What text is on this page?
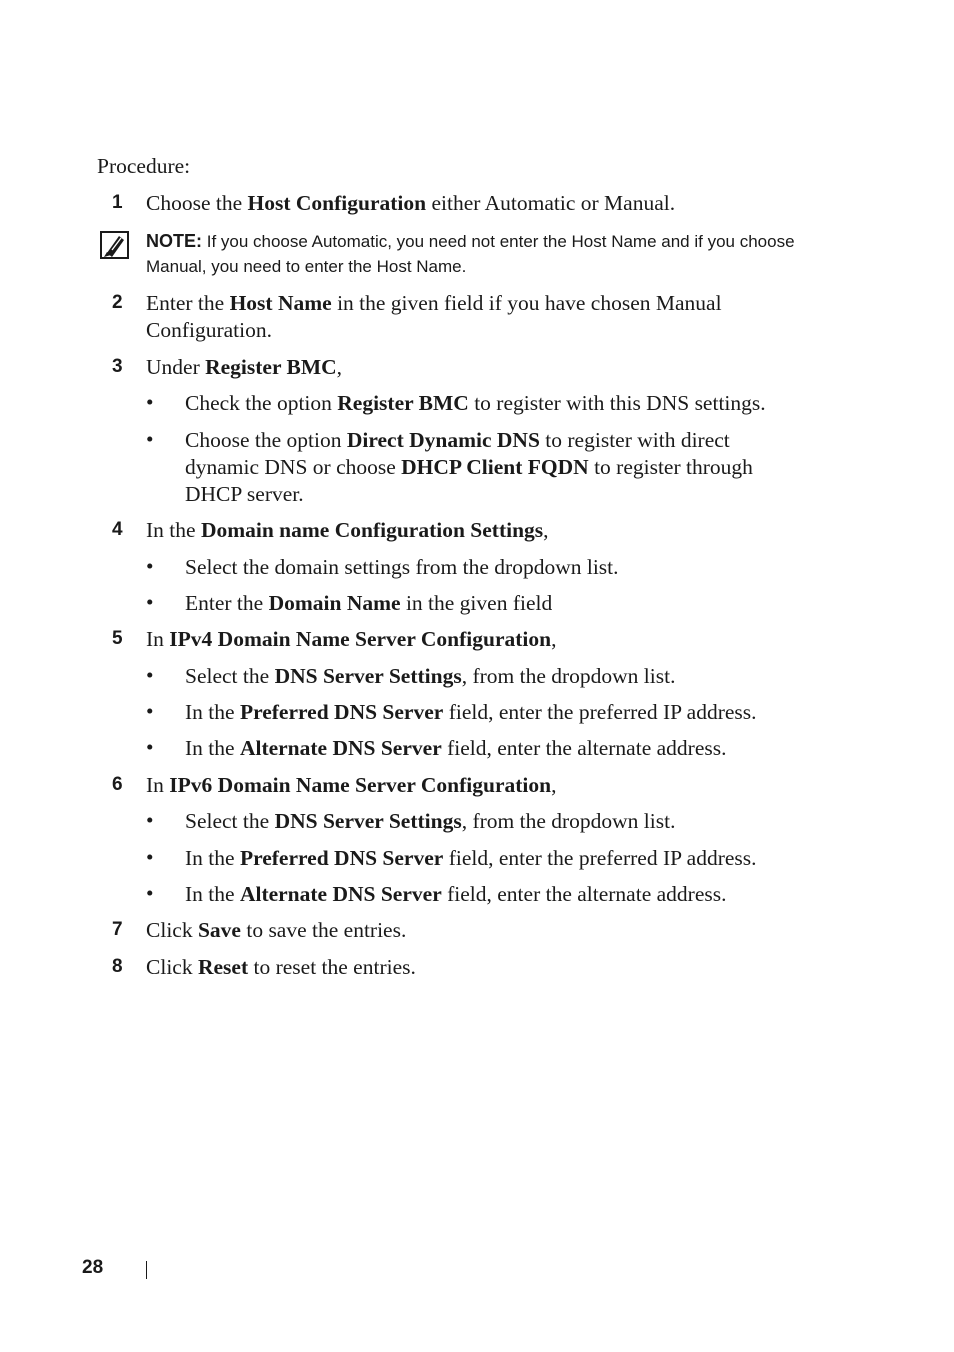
Procedure:
1	Choose the Host Configuration either Automatic or Manual.
NOTE: If you choose Automatic, you need not enter the Host Name and if you choose Manual, you need to enter the Host Name.
2	Enter the Host Name in the given field if you have chosen Manual Configuration.
3	Under Register BMC,
• Check the option Register BMC to register with this DNS settings.
• Choose the option Direct Dynamic DNS to register with direct dynamic DNS or choose DHCP Client FQDN to register through DHCP server.
4	In the Domain name Configuration Settings,
• Select the domain settings from the dropdown list.
• Enter the Domain Name in the given field
5	In IPv4 Domain Name Server Configuration,
• Select the DNS Server Settings, from the dropdown list.
• In the Preferred DNS Server field, enter the preferred IP address.
• In the Alternate DNS Server field, enter the alternate address.
6	In IPv6 Domain Name Server Configuration,
• Select the DNS Server Settings, from the dropdown list.
• In the Preferred DNS Server field, enter the preferred IP address.
• In the Alternate DNS Server field, enter the alternate address.
7	Click Save to save the entries.
8	Click Reset to reset the entries.
28
